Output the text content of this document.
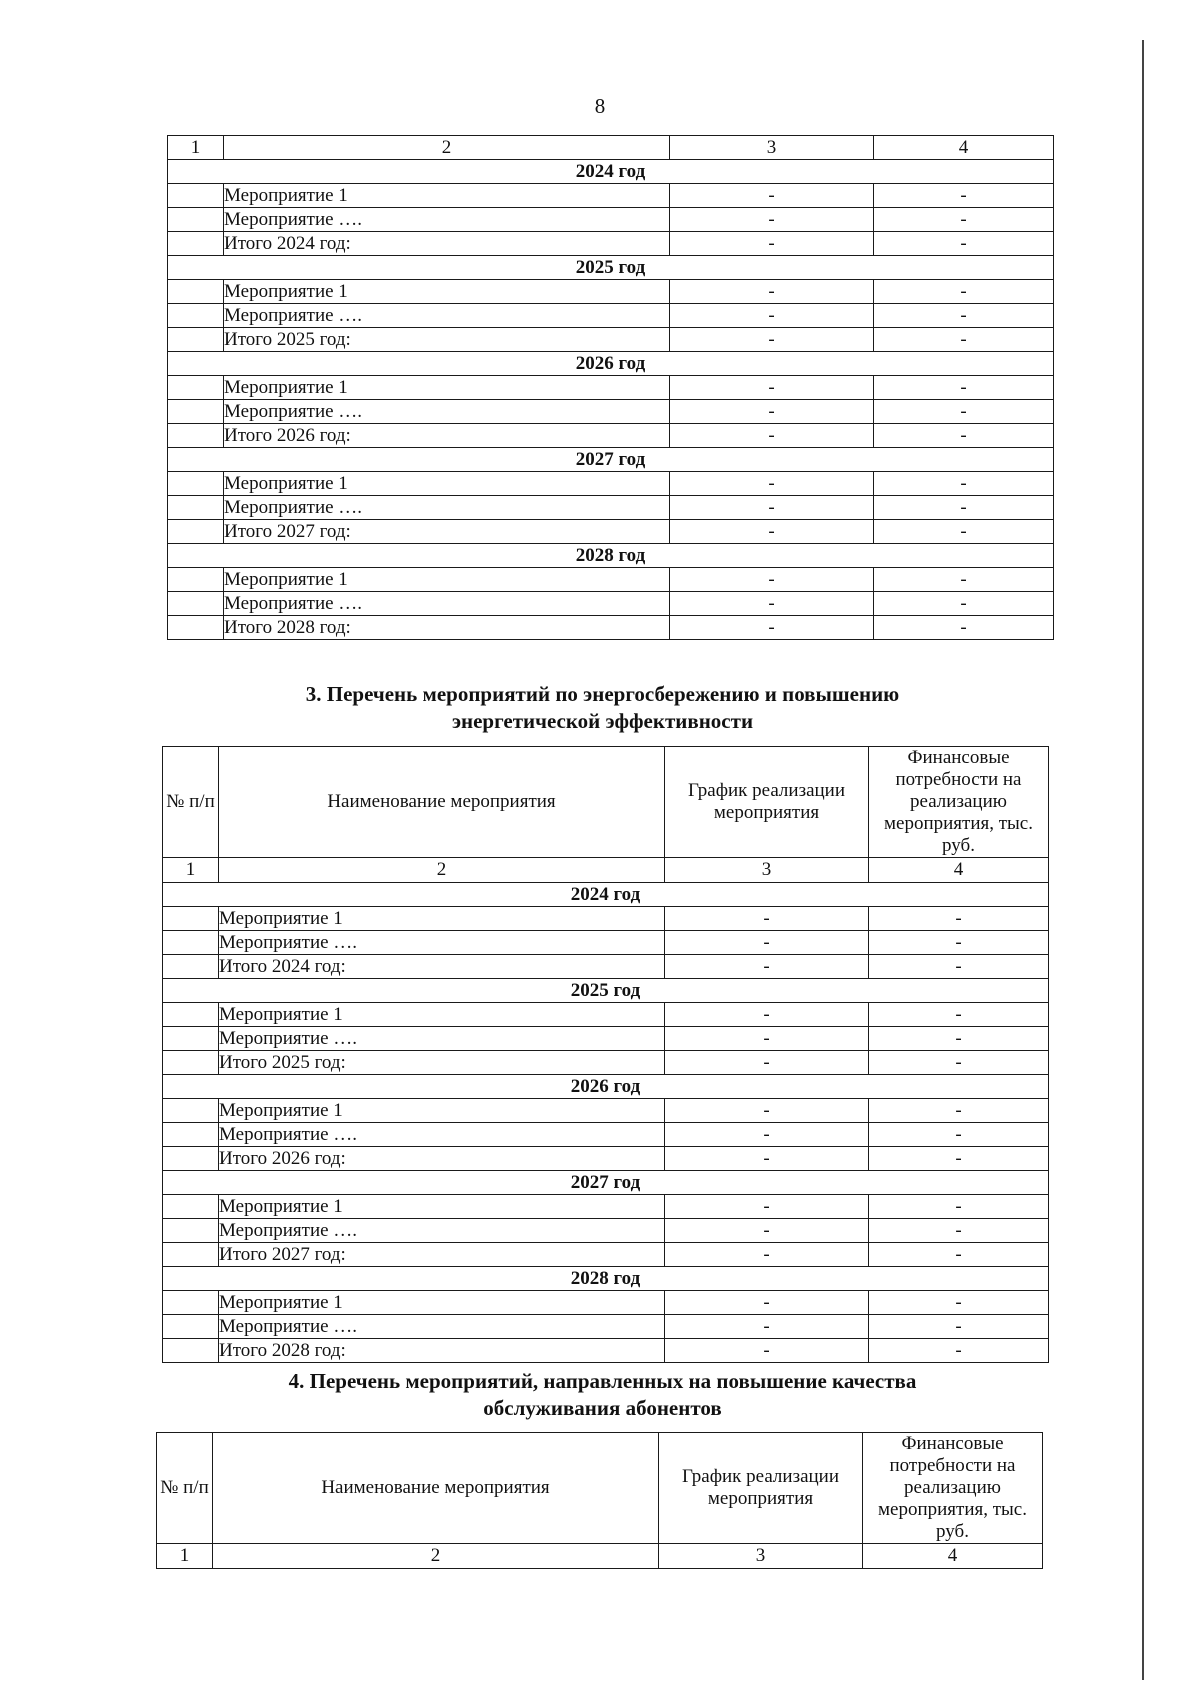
8
1	2	3	4
2024 год			
	Мероприятие 1	-	-
	Мероприятие ….	-	-
	Итого 2024 год:	-	-
2025 год			
	Мероприятие 1	-	-
	Мероприятие ….	-	-
	Итого 2025 год:	-	-
2026 год			
	Мероприятие 1	-	-
	Мероприятие ….	-	-
	Итого 2026 год:	-	-
2027 год			
	Мероприятие 1	-	-
	Мероприятие ….	-	-
	Итого 2027 год:	-	-
2028 год			
	Мероприятие 1	-	-
	Мероприятие ….	-	-
	Итого 2028 год:	-	-
3. Перечень мероприятий по энергосбережению и повышению
энергетической эффективности
№ п/п	Наименование мероприятия	График реализации мероприятия	Финансовые потребности на реализацию мероприятия, тыс. руб.
1	2	3	4
2024 год			
	Мероприятие 1	-	-
	Мероприятие ….	-	-
	Итого 2024 год:	-	-
2025 год			
	Мероприятие 1	-	-
	Мероприятие ….	-	-
	Итого 2025 год:	-	-
2026 год			
	Мероприятие 1	-	-
	Мероприятие ….	-	-
	Итого 2026 год:	-	-
2027 год			
	Мероприятие 1	-	-
	Мероприятие ….	-	-
	Итого 2027 год:	-	-
2028 год			
	Мероприятие 1	-	-
	Мероприятие ….	-	-
	Итого 2028 год:	-	-
4. Перечень мероприятий, направленных на повышение качества
обслуживания абонентов
№ п/п	Наименование мероприятия	График реализации мероприятия	Финансовые потребности на реализацию мероприятия, тыс. руб.
1	2	3	4
